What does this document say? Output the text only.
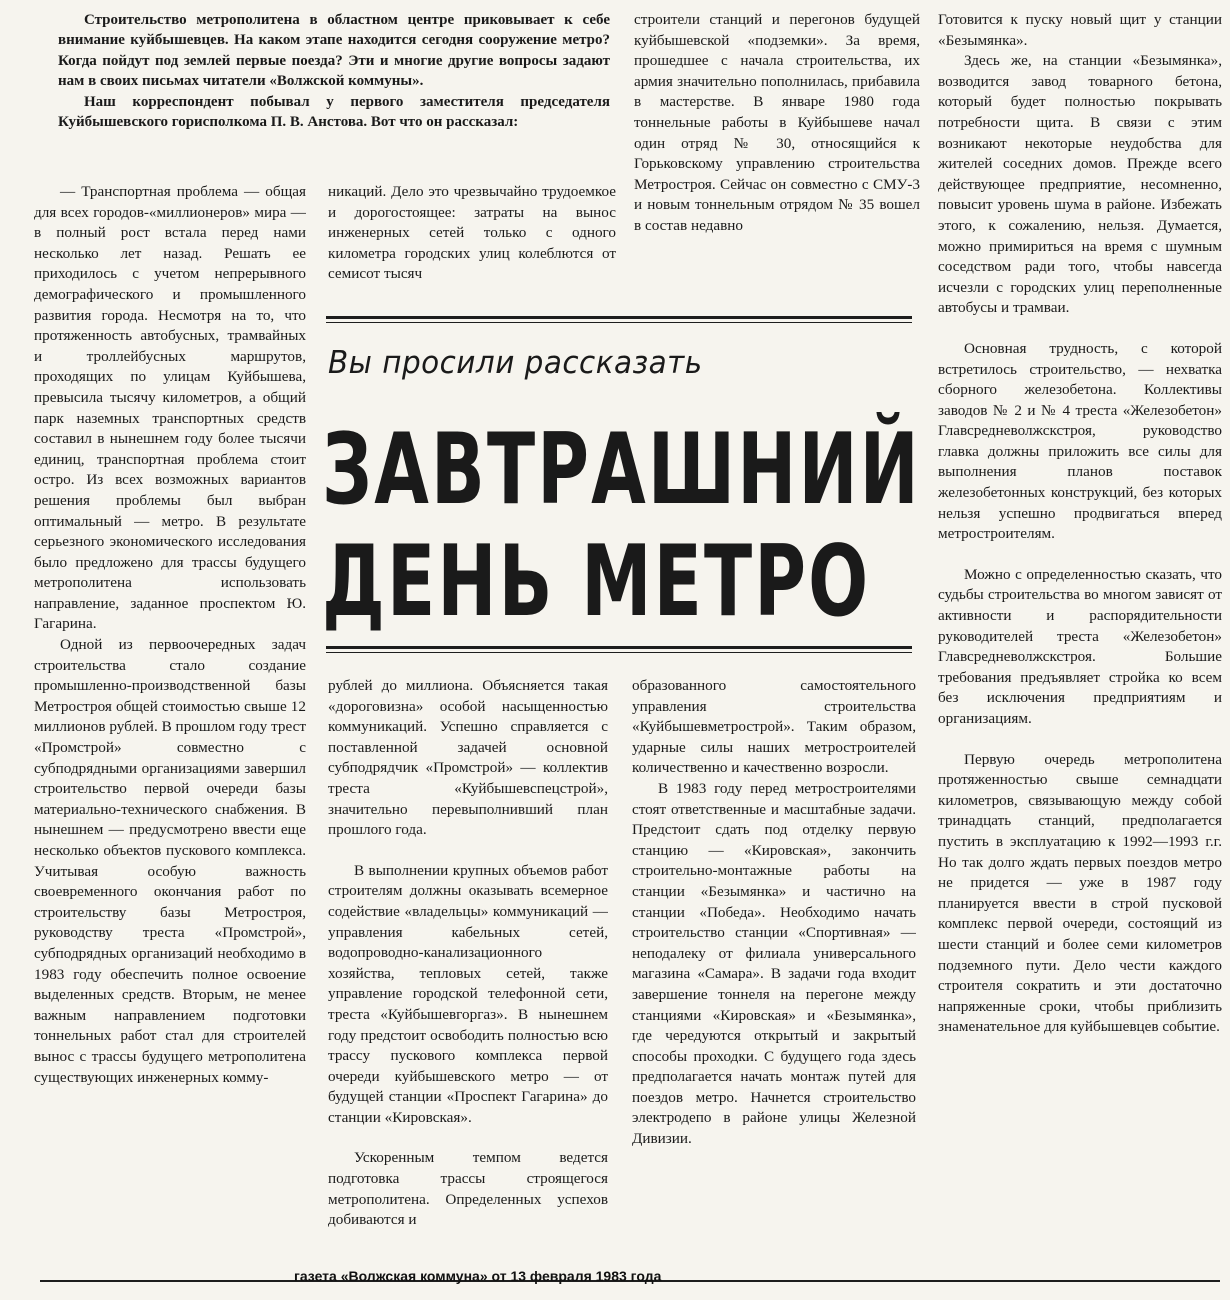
Строительство метрополитена в областном центре приковывает к себе внимание куйбышевцев. На каком этапе находится сегодня сооружение метро? Когда пойдут под землей первые поезда? Эти и многие другие вопросы задают нам в своих письмах читатели «Волжской коммуны».

Наш корреспондент побывал у первого заместителя председателя Куйбышевского горисполкома П. В. Анстова. Вот что он рассказал:

строители станций и перегонов будущей куйбышевской «подземки». За время, прошедшее с начала строительства, их армия значительно пополнилась, прибавила в мастерстве. В январе 1980 года тоннельные работы в Куйбышеве начал один отряд № 30, относящийся к Горьковскому управлению строительства Метростроя. Сейчас он совместно с СМУ-3 и новым тоннельным отрядом № 35 вошел в состав недавно

никаций. Дело это чрезвычайно трудоемкое и дорогостоящее: затраты на вынос инженерных сетей только с одного километра городских улиц колеблются от семисот тысяч

— Транспортная проблема — общая для всех городов-«миллионеров» мира — в полный рост встала перед нами несколько лет назад. Решать ее приходилось с учетом непрерывного демографического и промышленного развития города. Несмотря на то, что протяженность автобусных, трамвайных и троллейбусных маршрутов, проходящих по улицам Куйбышева, превысила тысячу километров, а общий парк наземных транспортных средств составил в нынешнем году более тысячи единиц, транспортная проблема стоит остро. Из всех возможных вариантов решения проблемы был выбран оптимальный — метро. В результате серьезного экономического исследования было предложено для трассы будущего метрополитена использовать направление, заданное проспектом Ю. Гагарина.

Одной из первоочередных задач строительства стало создание промышленно-производственной базы Метростроя общей стоимостью свыше 12 миллионов рублей. В прошлом году трест «Промстрой» совместно с субподрядными организациями завершил строительство первой очереди базы материально-технического снабжения. В нынешнем — предусмотрено ввести еще несколько объектов пускового комплекса. Учитывая особую важность своевременного окончания работ по строительству базы Метростроя, руководству треста «Промстрой», субподрядных организаций необходимо в 1983 году обеспечить полное освоение выделенных средств. Вторым, не менее важным направлением подготовки тоннельных работ стал для строителей вынос с трассы будущего метрополитена существующих инженерных комму-

Вы просили рассказать
ЗАВТРАШНИЙ
ДЕНЬ МЕТРО

рублей до миллиона. Объясняется такая «дороговизна» особой насыщенностью коммуникаций. Успешно справляется с поставленной задачей основной субподрядчик «Промстрой» — коллектив треста «Куйбышевспецстрой», значительно перевыполнивший план прошлого года.

В выполнении крупных объемов работ строителям должны оказывать всемерное содействие «владельцы» коммуникаций — управления кабельных сетей, водопроводно-канализационного хозяйства, тепловых сетей, также управление городской телефонной сети, треста «Куйбышевгоргаз». В нынешнем году предстоит освободить полностью всю трассу пускового комплекса первой очереди куйбышевского метро — от будущей станции «Проспект Гагарина» до станции «Кировская».

Ускоренным темпом ведется подготовка трассы строящегося метрополитена. Определенных успехов добиваются и

образованного самостоятельного управления строительства «Куйбышевметрострой». Таким образом, ударные силы наших метростроителей количественно и качественно возросли.

В 1983 году перед метростроителями стоят ответственные и масштабные задачи. Предстоит сдать под отделку первую станцию — «Кировская», закончить строительно-монтажные работы на станции «Безымянка» и частично на станции «Победа». Необходимо начать строительство станции «Спортивная» — неподалеку от филиала универсального магазина «Самара». В задачи года входит завершение тоннеля на перегоне между станциями «Кировская» и «Безымянка», где чередуются открытый и закрытый способы проходки. С будущего года здесь предполагается начать монтаж путей для поездов метро. Начнется строительство электродепо в районе улицы Железной Дивизии.

Готовится к пуску новый щит у станции «Безымянка».

Здесь же, на станции «Безымянка», возводится завод товарного бетона, который будет полностью покрывать потребности щита. В связи с этим возникают некоторые неудобства для жителей соседних домов. Прежде всего действующее предприятие, несомненно, повысит уровень шума в районе. Избежать этого, к сожалению, нельзя. Думается, можно примириться на время с шумным соседством ради того, чтобы навсегда исчезли с городских улиц переполненные автобусы и трамваи.

Основная трудность, с которой встретилось строительство, — нехватка сборного железобетона. Коллективы заводов № 2 и № 4 треста «Железобетон» Главсредневолжскстроя, руководство главка должны приложить все силы для выполнения планов поставок железобетонных конструкций, без которых нельзя успешно продвигаться вперед метростроителям.

Можно с определенностью сказать, что судьбы строительства во многом зависят от активности и распорядительности руководителей треста «Железобетон» Главсредневолжскстроя. Большие требования предъявляет стройка ко всем без исключения предприятиям и организациям.

Первую очередь метрополитена протяженностью свыше семнадцати километров, связывающую между собой тринадцать станций, предполагается пустить в эксплуатацию к 1992—1993 г.г. Но так долго ждать первых поездов метро не придется — уже в 1987 году планируется ввести в строй пусковой комплекс первой очереди, состоящий из шести станций и более семи километров подземного пути. Дело чести каждого строителя сократить и эти достаточно напряженные сроки, чтобы приблизить знаменательное для куйбышевцев событие.

газета «Волжская коммуна» от 13 февраля 1983 года
